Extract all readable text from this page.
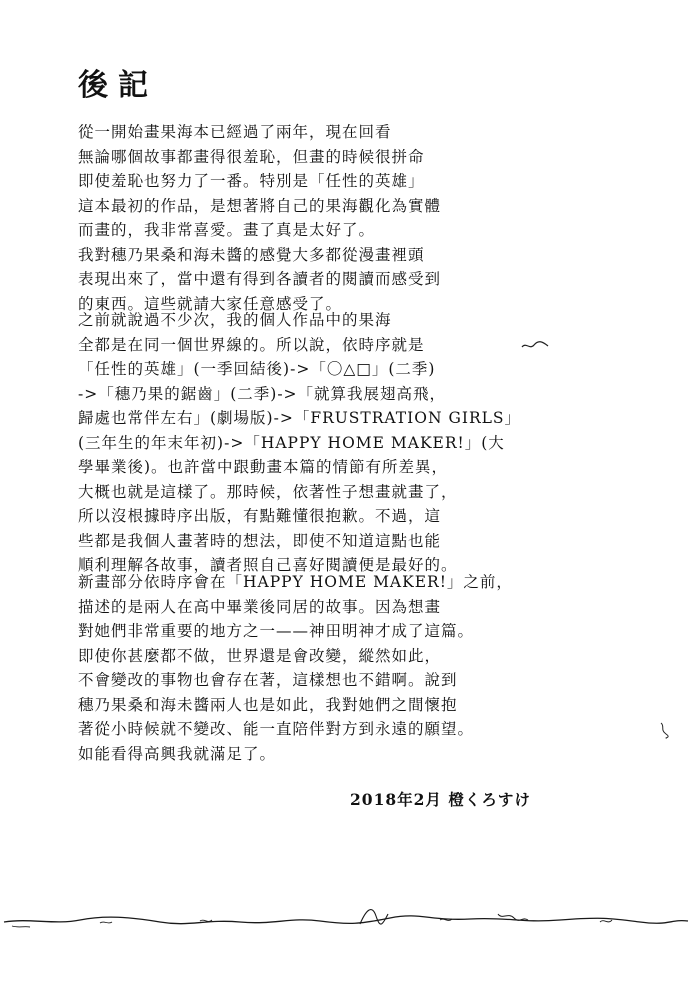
後記
從一開始畫果海本已經過了兩年，現在回看
無論哪個故事都畫得很羞恥，但畫的時候很拼命
即使羞恥也努力了一番。特別是「任性的英雄」
這本最初的作品，是想著將自己的果海觀化為實體
而畫的，我非常喜愛。畫了真是太好了。
我對穗乃果桑和海未醬的感覺大多都從漫畫裡頭
表現出來了，當中還有得到各讀者的閱讀而感受到
的東西。這些就請大家任意感受了。
之前就說過不少次，我的個人作品中的果海
全都是在同一個世界線的。所以說，依時序就是
「任性的英雄」(一季回結後)->「〇△□」(二季)
->「穗乃果的鋸齒」(二季)->「就算我展翅高飛，
歸處也常伴左右」(劇場版)->「FRUSTRATION GIRLS」
(三年生的年末年初)->「HAPPY HOME MAKER!」(大
學畢業後)。也許當中跟動畫本篇的情節有所差異，
大概也就是這樣了。那時候，依著性子想畫就畫了，
所以沒根據時序出版，有點難懂很抱歉。不過，這
些都是我個人畫著時的想法，即使不知道這點也能
順利理解各故事，讀者照自己喜好閱讀便是最好的。
新畫部分依時序會在「HAPPY HOME MAKER!」之前，
描述的是兩人在高中畢業後同居的故事。因為想畫
對她們非常重要的地方之一——神田明神才成了這篇。
即使你甚麼都不做，世界還是會改變，縱然如此，
不會變改的事物也會存在著，這樣想也不錯啊。說到
穗乃果桑和海未醬兩人也是如此，我對她們之間懷抱
著從小時候就不變改、能一直陪伴對方到永遠的願望。
如能看得高興我就滿足了。
2018年2月 橙くろすけ
